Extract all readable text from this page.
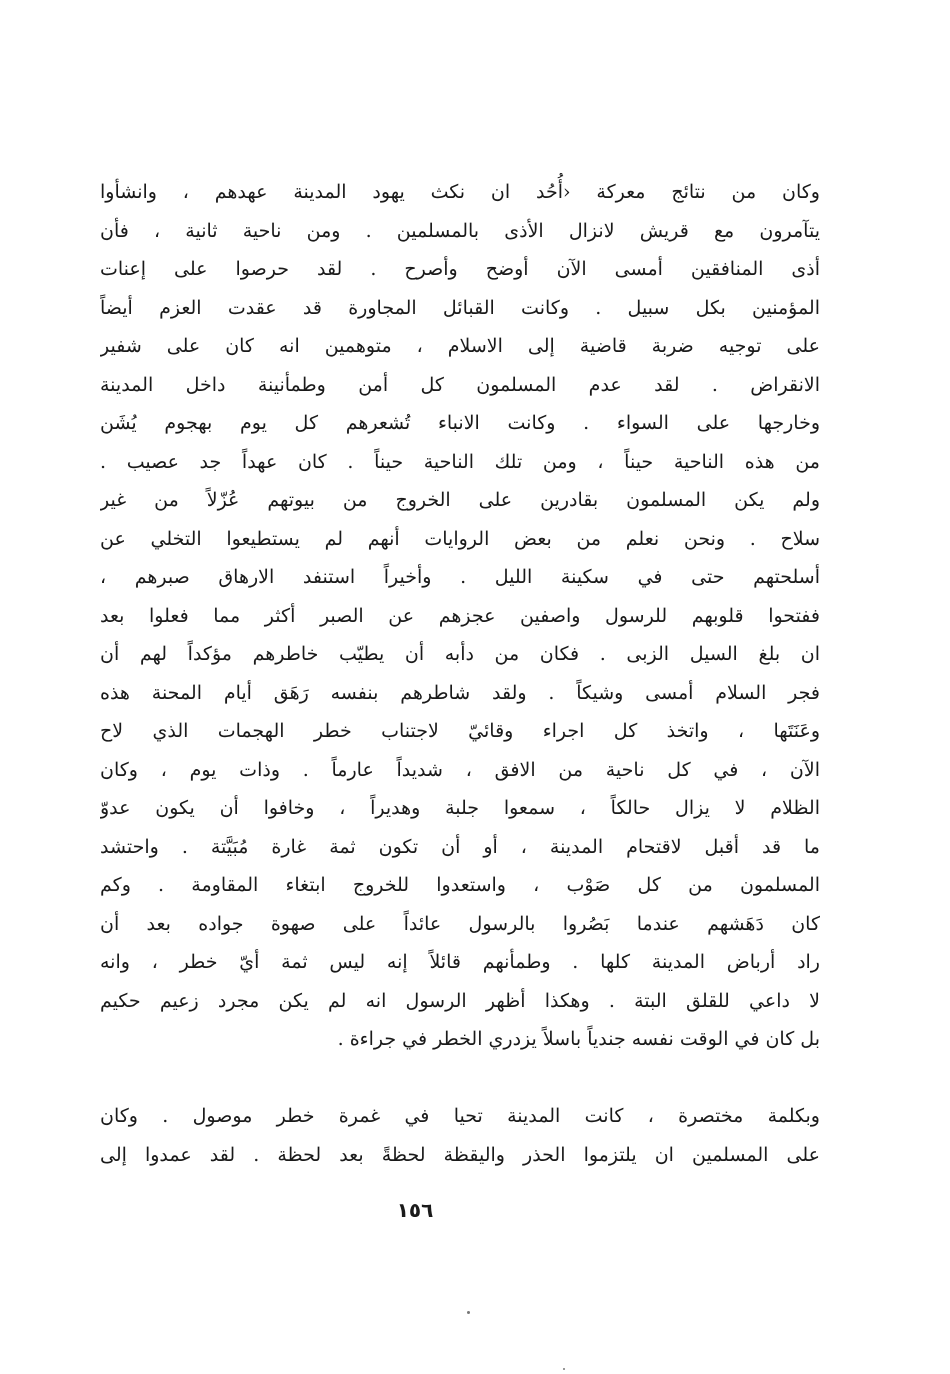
وكان من نتائج معركة ‹أُحُد ان نكث يهود المدينة عهدهم ، وانشأوا
يتآمرون مع قريش لانزال الأذى بالمسلمين . ومن ناحية ثانية ، فأن
أذى المنافقين أمسى الآن أوضح وأصرح . لقد حرصوا على إعنات
المؤمنين بكل سبيل . وكانت القبائل المجاورة قد عقدت العزم أيضاً
على توجيه ضربة قاضية إلى الاسلام ، متوهمين انه كان على شفير
الانقراض . لقد عدم المسلمون كل أمن وطمأنينة داخل المدينة
وخارجها على السواء . وكانت الانباء تُشعرهم كل يوم بهجوم يُشَن
من هذه الناحية حيناً ، ومن تلك الناحية حيناً . كان عهداً جد عصيب .
ولم يكن المسلمون بقادرين على الخروج من بيوتهم عُزّلاً من غير
سلاح . ونحن نعلم من بعض الروايات أنهم لم يستطيعوا التخلي عن
أسلحتهم حتى في سكينة الليل . وأخيراً استنفد الارهاق صبرهم ،
ففتحوا قلوبهم للرسول واصفين عجزهم عن الصبر أكثر مما فعلوا بعد
ان بلغ السيل الزبى . فكان من دأبه أن يطيّب خاطرهم مؤكداً لهم أن
فجر السلام أمسى وشيكاً . ولقد شاطرهم بنفسه رَهَق أيام المحنة هذه
وعَنَتَها ، واتخذ كل اجراء وقائيّ لاجتناب خطر الهجمات الذي لاح
الآن ، في كل ناحية من الافق ، شديداً عارماً . وذات يوم ، وكان
الظلام لا يزال حالكاً ، سمعوا جلبة وهديراً ، وخافوا أن يكون عدوّ
ما قد أقبل لاقتحام المدينة ، أو أن تكون ثمة غارة مُبَيَّتة . واحتشد
المسلمون من كل صَوْب ، واستعدوا للخروج ابتغاء المقاومة . وكم
كان دَهَشهم عندما بَصُروا بالرسول عائداً على صهوة جواده بعد أن
راد أرباض المدينة كلها . وطمأنهم قائلاً إنه ليس ثمة أيّ خطر ، وانه
لا داعي للقلق البتة . وهكذا أظهر الرسول انه لم يكن مجرد زعيم حكيم
بل كان في الوقت نفسه جندياً باسلاً يزدري الخطر في جراءة .
وبكلمة مختصرة ، كانت المدينة تحيا في غمرة خطر موصول . وكان
على المسلمين ان يلتزموا الحذر واليقظة لحظةً بعد لحظة . لقد عمدوا إلى
١٥٦
